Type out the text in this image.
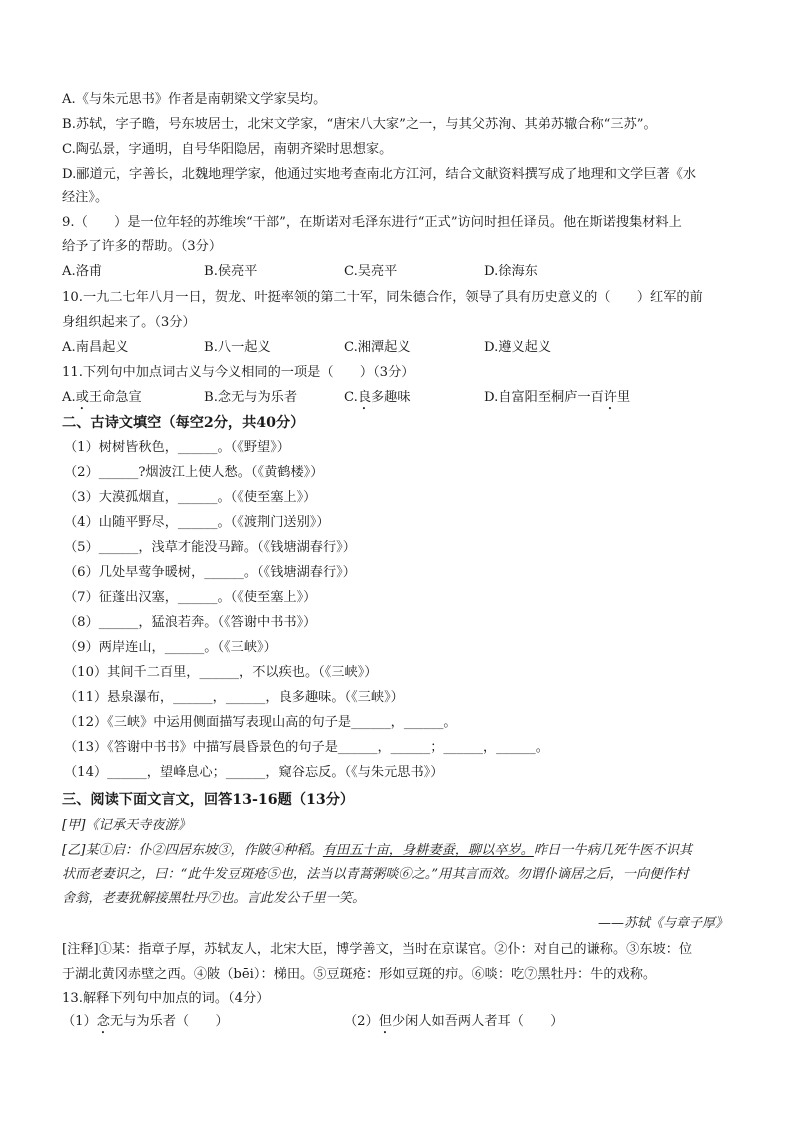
A.《与朱元思书》作者是南朝梁文学家吴均。
B.苏轼，字子瞻，号东坡居士，北宋文学家，“唐宋八大家”之一，与其父苏洵、其弟苏辙合称“三苏”。
C.陶弘景，字通明，自号华阳隐居，南朝齐梁时思想家。
D.郦道元，字善长，北魏地理学家，他通过实地考查南北方江河，结合文献资料撰写成了地理和文学巨著《水
经注》。
9.（　　）是一位年轻的苏维埃“干部”，在斯诺对毛泽东进行“正式”访问时担任译员。他在斯诺搜集材料上
给予了许多的帮助。（3分）
A.洛甫	B.侯亮平	C.吴亮平	D.徐海东
10.一九二七年八月一日，贺龙、叶挺率领的第二十军，同朱德合作，领导了具有历史意义的（　　）红军的前
身组织起来了。（3分）
A.南昌起义	B.八一起义	C.湘潭起义	D.遵义起义
11.下列句中加点词古义与今义相同的一项是（　　）（3分）
A.或王命急宣	B.念无与为乐者	C.良多趣味	D.自富阳至桐庐一百许里
二、古诗文填空（每空2分，共40分）
（1）树树皆秋色，______。（《野望》）
（2）______?烟波江上使人愁。（《黄鹤楼》）
（3）大漠孤烟直，______。（《使至塞上》）
（4）山随平野尽，______。（《渡荆门送别》）
（5）______，浅草才能没马蹄。（《钱塘湖春行》）
（6）几处早莺争暖树，______。（《钱塘湖春行》）
（7）征蓬出汉塞，______。（《使至塞上》）
（8）______，猛浪若奔。（《答谢中书书》）
（9）两岸连山，______。（《三峡》）
（10）其间千二百里，______，不以疾也。（《三峡》）
（11）悬泉瀑布，______，______，良多趣味。（《三峡》）
（12）《三峡》中运用侧面描写表现山高的句子是______，______。
（13）《答谢中书书》中描写晨昏景色的句子是______，______；______，______。
（14）______，望峰息心；______，窥谷忘反。（《与朱元思书》）
三、阅读下面文言文，回答13-16题（13分）
[甲]《记承天寺夜游》
[乙]某①启：仆②四居东坡③，作陂④种稻。有田五十亩，身耕妻蚕，聊以卒岁。昨日一牛病几死牛医不识其
状而老妻识之，曰：“此牛发豆斑疮⑤也，法当以青蒿粥啖⑥之。”用其言而效。勿谓仆谪居之后，一向便作村
舍翁，老妻犹解接黑牡丹⑦也。言此发公千里一笑。
——苏轼《与章子厚》
[注释]①某：指章子厚，苏轼友人，北宋大臣，博学善文，当时在京谋官。②仆：对自己的谦称。③东坡：位
于湖北黄冈赤壁之西。④陂（bēi）：梯田。⑤豆斑疮：形如豆斑的疖。⑥啖：吃⑦黑牡丹：牛的戏称。
13.解释下列句中加点的词。（4分）
（1）念无与为乐者（　　）	（2）但少闲人如吾两人者耳（　　）
